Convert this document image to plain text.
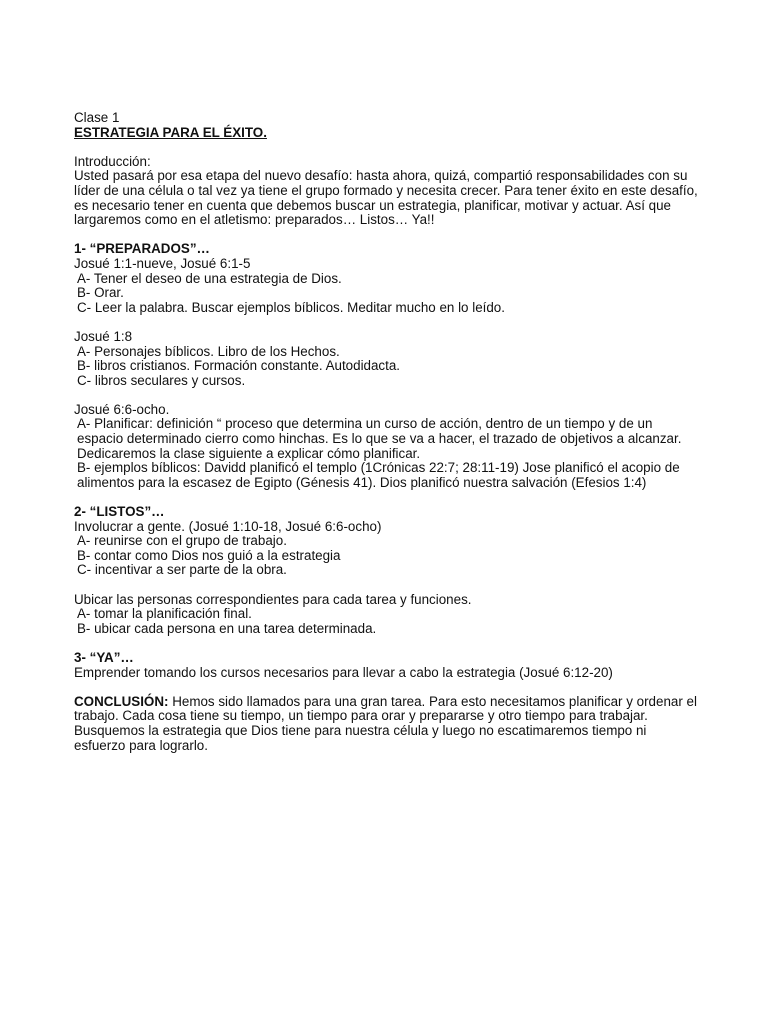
Clase 1
ESTRATEGIA PARA EL ÉXITO.
Introducción:
Usted pasará por esa etapa del nuevo desafío: hasta ahora, quizá, compartió responsabilidades con su líder de una célula o tal vez ya tiene el grupo formado y necesita crecer. Para tener éxito en este desafío, es necesario tener en cuenta que debemos buscar un estrategia, planificar, motivar y actuar. Así que largaremos como en el atletismo: preparados… Listos… Ya!!
1- “PREPARADOS”…
Josué 1:1-nueve, Josué 6:1-5
A- Tener el deseo de una estrategia de Dios.
B- Orar.
C- Leer la palabra. Buscar ejemplos bíblicos. Meditar mucho en lo leído.
Josué 1:8
A- Personajes bíblicos. Libro de los Hechos.
B- libros cristianos. Formación constante. Autodidacta.
C- libros seculares y cursos.
Josué 6:6-ocho.
A- Planificar: definición “ proceso que determina un curso de acción, dentro de un tiempo y de un espacio determinado cierro como hinchas. Es lo que se va a hacer, el trazado de objetivos a alcanzar. Dedicaremos la clase siguiente a explicar cómo planificar.
B- ejemplos bíblicos: Davidd planificó el templo (1Crónicas 22:7; 28:11-19) Jose planificó el acopio de alimentos para la escasez de Egipto (Génesis 41). Dios planificó nuestra salvación (Efesios 1:4)
2- “LISTOS”…
Involucrar a gente. (Josué 1:10-18, Josué 6:6-ocho)
A- reunirse con el grupo de trabajo.
B- contar como Dios nos guió a la estrategia
C- incentivar a ser parte de la obra.
Ubicar las personas correspondientes para cada tarea y funciones.
A- tomar la planificación final.
B- ubicar cada persona en una tarea determinada.
3- “YA”…
Emprender tomando los cursos necesarios para llevar a cabo la estrategia (Josué 6:12-20)
CONCLUSIÓN: Hemos sido llamados para una gran tarea. Para esto necesitamos planificar y ordenar el trabajo. Cada cosa tiene su tiempo, un tiempo para orar y prepararse y otro tiempo para trabajar. Busquemos la estrategia que Dios tiene para nuestra célula y luego no escatimaremos tiempo ni esfuerzo para lograrlo.
